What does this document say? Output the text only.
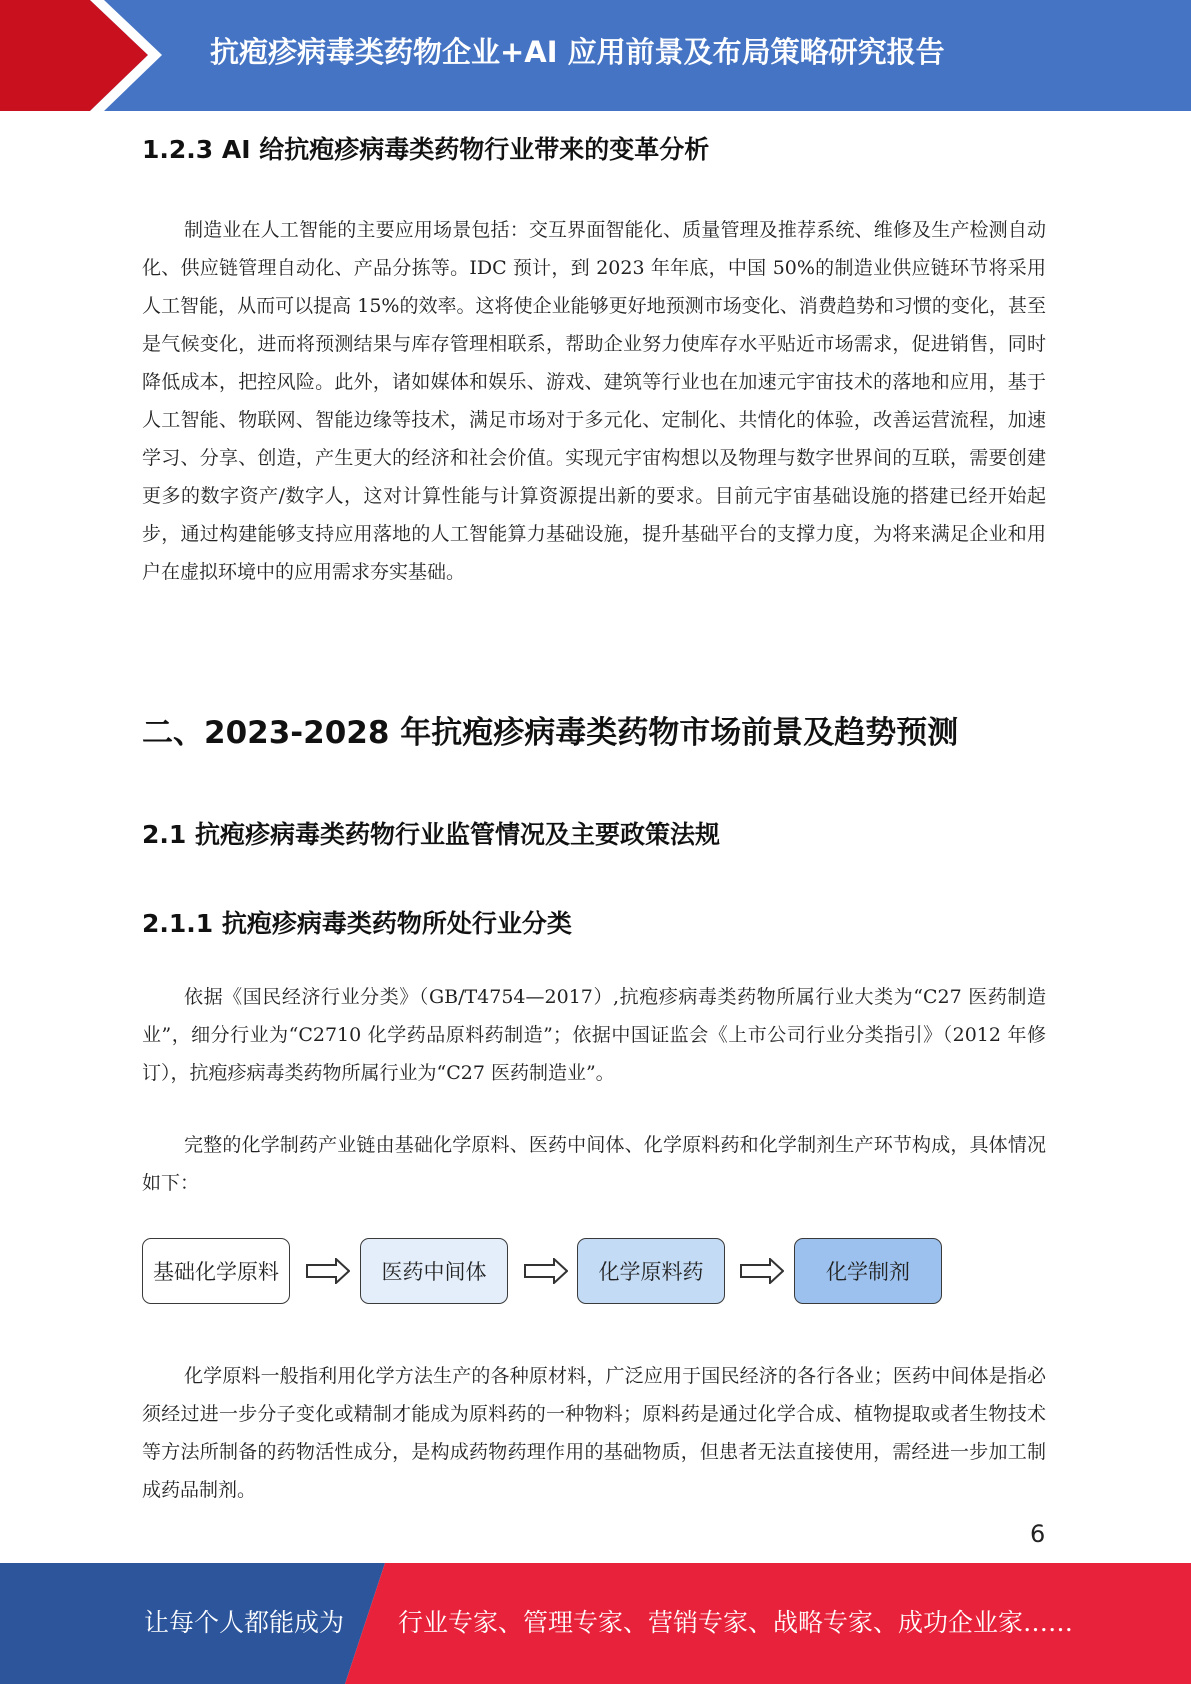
抗疱疹病毒类药物企业+AI 应用前景及布局策略研究报告
1.2.3 AI 给抗疱疹病毒类药物行业带来的变革分析

制造业在人工智能的主要应用场景包括：交互界面智能化、质量管理及推荐系统、维修及生产检测自动化、供应链管理自动化、产品分拣等。IDC 预计，到 2023 年年底，中国 50%的制造业供应链环节将采用人工智能，从而可以提高 15%的效率。这将使企业能够更好地预测市场变化、消费趋势和习惯的变化，甚至是气候变化，进而将预测结果与库存管理相联系，帮助企业努力使库存水平贴近市场需求，促进销售，同时降低成本，把控风险。此外，诸如媒体和娱乐、游戏、建筑等行业也在加速元宇宙技术的落地和应用，基于人工智能、物联网、智能边缘等技术，满足市场对于多元化、定制化、共情化的体验，改善运营流程，加速学习、分享、创造，产生更大的经济和社会价值。实现元宇宙构想以及物理与数字世界间的互联，需要创建更多的数字资产/数字人，这对计算性能与计算资源提出新的要求。目前元宇宙基础设施的搭建已经开始起步，通过构建能够支持应用落地的人工智能算力基础设施，提升基础平台的支撑力度，为将来满足企业和用户在虚拟环境中的应用需求夯实基础。

二、2023-2028 年抗疱疹病毒类药物市场前景及趋势预测
2.1 抗疱疹病毒类药物行业监管情况及主要政策法规
2.1.1 抗疱疹病毒类药物所处行业分类

依据《国民经济行业分类》（GB/T4754—2017）,抗疱疹病毒类药物所属行业大类为“C27 医药制造业”，细分行业为“C2710 化学药品原料药制造”；依据中国证监会《上市公司行业分类指引》（2012 年修订），抗疱疹病毒类药物所属行业为“C27 医药制造业”。

完整的化学制药产业链由基础化学原料、医药中间体、化学原料药和化学制剂生产环节构成，具体情况如下：

基础化学原料	医药中间体	化学原料药	化学制剂

化学原料一般指利用化学方法生产的各种原材料，广泛应用于国民经济的各行各业；医药中间体是指必须经过进一步分子变化或精制才能成为原料药的一种物料；原料药是通过化学合成、植物提取或者生物技术等方法所制备的药物活性成分，是构成药物药理作用的基础物质，但患者无法直接使用，需经进一步加工制成药品制剂。

6
让每个人都能成为 行业专家、管理专家、营销专家、战略专家、成功企业家……
